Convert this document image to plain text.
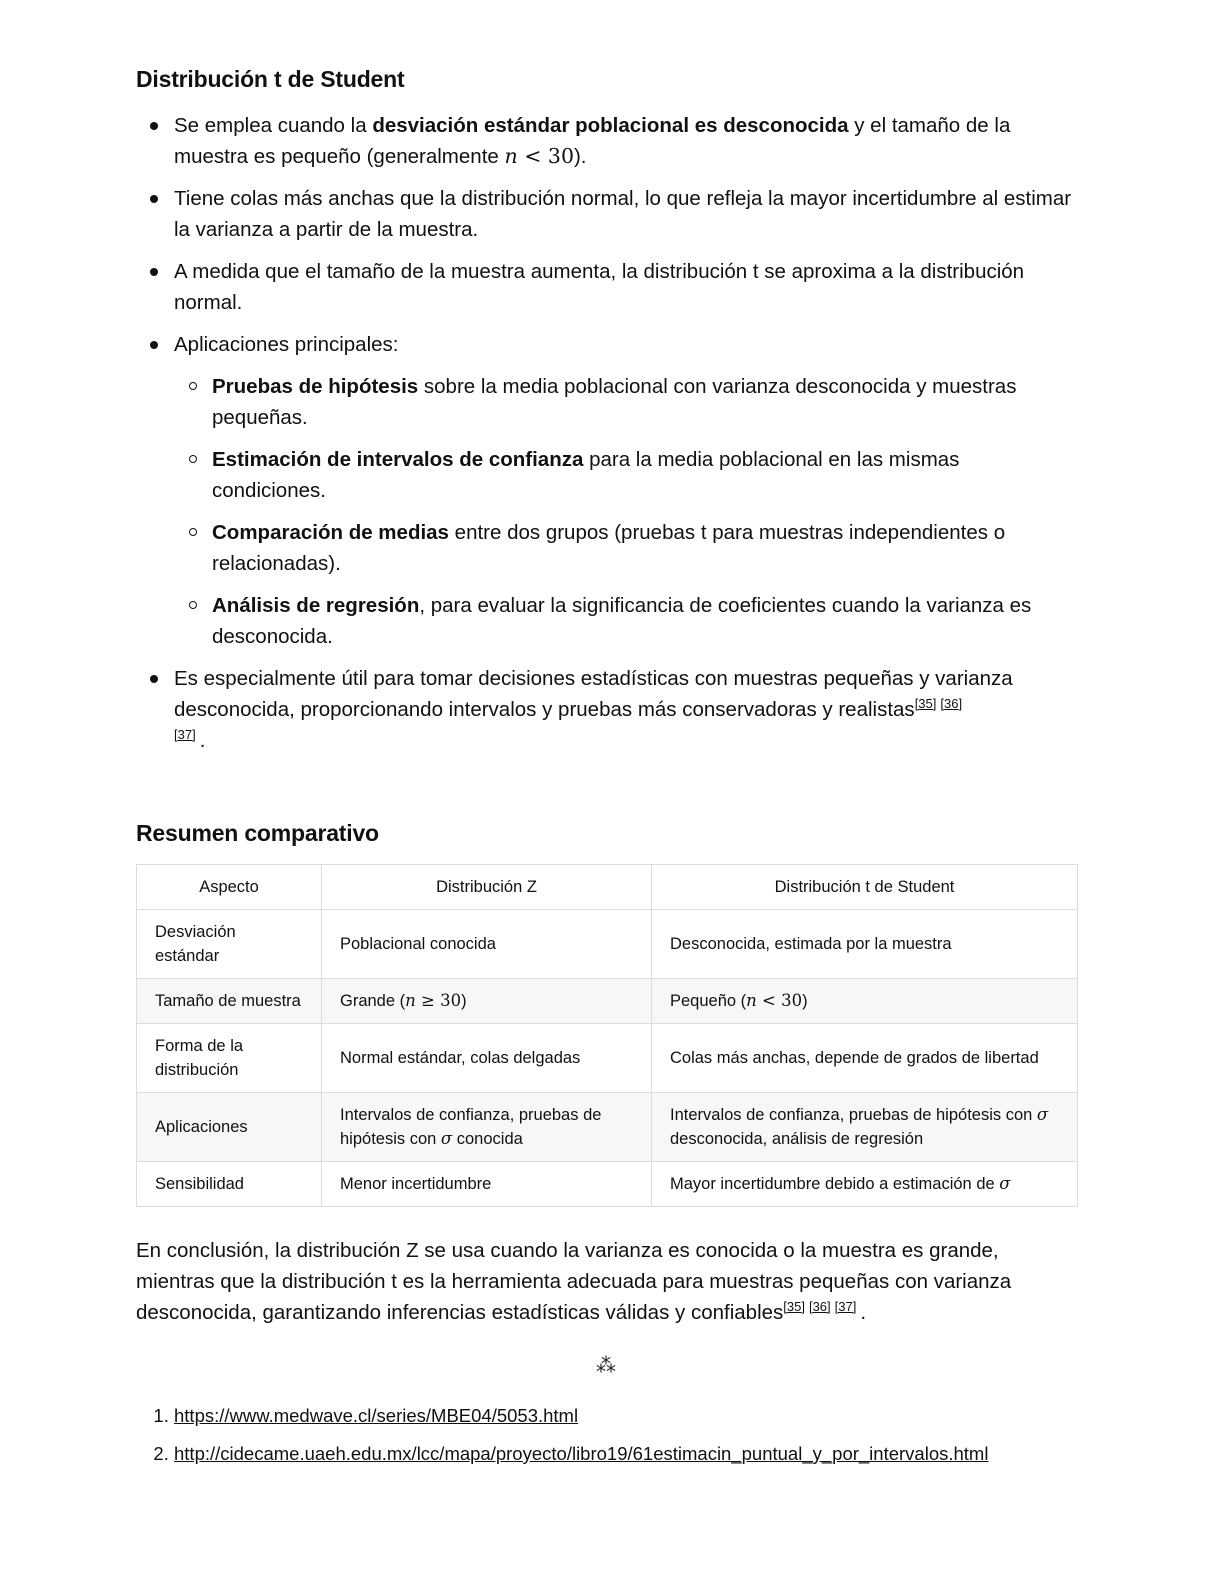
Distribución t de Student
Se emplea cuando la desviación estándar poblacional es desconocida y el tamaño de la muestra es pequeño (generalmente n < 30).
Tiene colas más anchas que la distribución normal, lo que refleja la mayor incertidumbre al estimar la varianza a partir de la muestra.
A medida que el tamaño de la muestra aumenta, la distribución t se aproxima a la distribución normal.
Aplicaciones principales:
Pruebas de hipótesis sobre la media poblacional con varianza desconocida y muestras pequeñas.
Estimación de intervalos de confianza para la media poblacional en las mismas condiciones.
Comparación de medias entre dos grupos (pruebas t para muestras independientes o relacionadas).
Análisis de regresión, para evaluar la significancia de coeficientes cuando la varianza es desconocida.
Es especialmente útil para tomar decisiones estadísticas con muestras pequeñas y varianza desconocida, proporcionando intervalos y pruebas más conservadoras y realistas[35] [36]
[37] .
Resumen comparativo
Aspecto	Distribución Z	Distribución t de Student
Desviación estándar	Poblacional conocida	Desconocida, estimada por la muestra
Tamaño de muestra	Grande (n ≥ 30)	Pequeño (n < 30)
Forma de la distribución	Normal estándar, colas delgadas	Colas más anchas, depende de grados de libertad
Aplicaciones	Intervalos de confianza, pruebas de hipótesis con σ conocida	Intervalos de confianza, pruebas de hipótesis con σ desconocida, análisis de regresión
Sensibilidad	Menor incertidumbre	Mayor incertidumbre debido a estimación de σ

En conclusión, la distribución Z se usa cuando la varianza es conocida o la muestra es grande, mientras que la distribución t es la herramienta adecuada para muestras pequeñas con varianza desconocida, garantizando inferencias estadísticas válidas y confiables[35] [36] [37] .

⁂
1. https://www.medwave.cl/series/MBE04/5053.html
2. http://cidecame.uaeh.edu.mx/lcc/mapa/proyecto/libro19/61estimacin_puntual_y_por_intervalos.html
